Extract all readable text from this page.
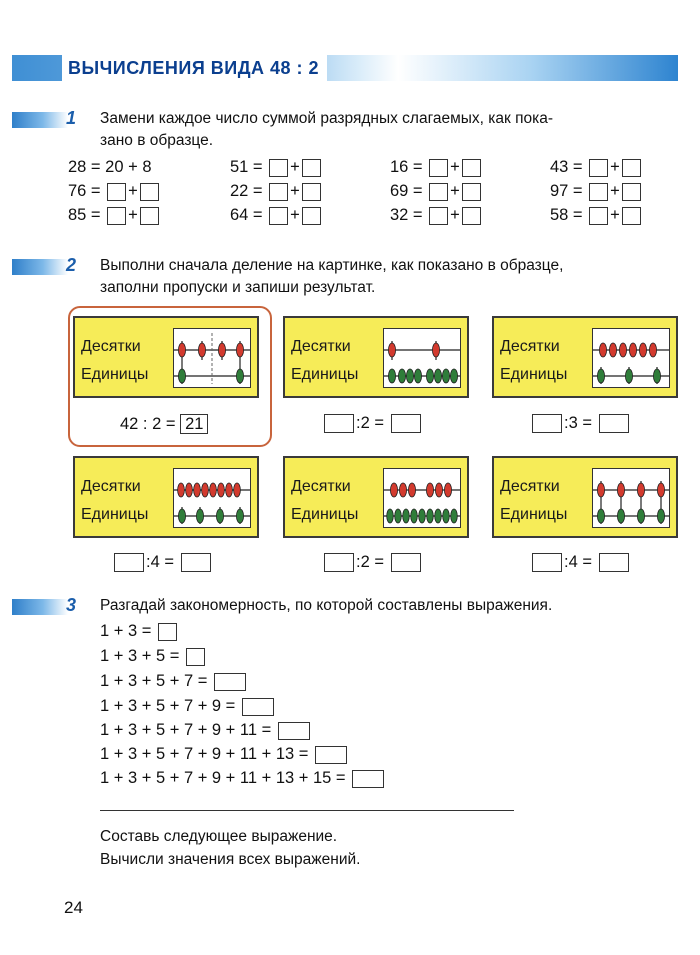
ВЫЧИСЛЕНИЯ ВИДА 48 : 2
1 Замени каждое число суммой разрядных слагаемых, как пока-
зано в образце.
28 = 20 + 8
76 =
+
85 =
+
51 =
+
22 =
+
64 =
+
16 =
+
69 =
+
32 =
+
43 =
+
97 =
+
58 =
+
2 Выполни сначала деление на картинке, как показано в образце,
заполни пропуски и запиши результат.
Десятки
Единицы
42 : 2 =
21
Десятки
Единицы
:2 =

Десятки
Единицы
:3 =

Десятки
Единицы
:4 =

Десятки
Единицы
:2 =

Десятки
Единицы
:4 =

3 Разгадай закономерность, по которой составлены выражения.
1 + 3 =

1 + 3 + 5 =

1 + 3 + 5 + 7 =

1 + 3 + 5 + 7 + 9 =

1 + 3 + 5 + 7 + 9 + 11 =

1 + 3 + 5 + 7 + 9 + 11 + 13 =

1 + 3 + 5 + 7 + 9 + 11 + 13 + 15 =

Составь следующее выражение.
Вычисли значения всех выражений.
24
